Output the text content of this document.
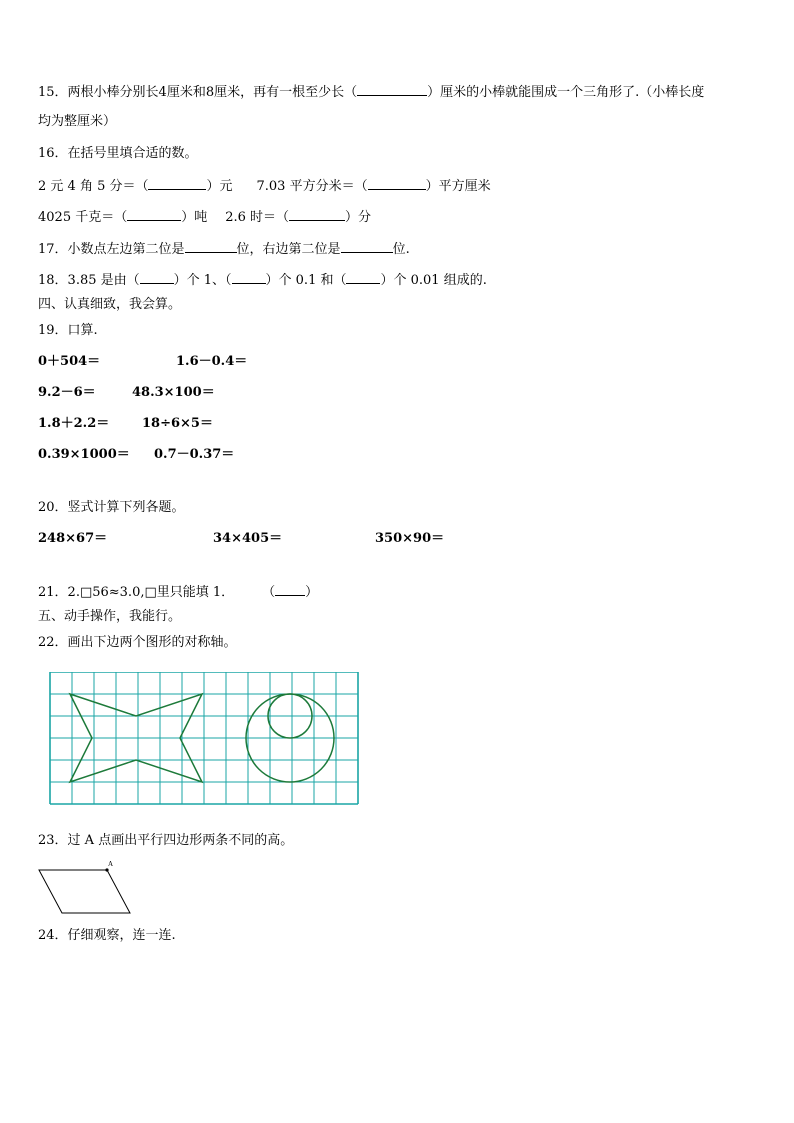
15．两根小棒分别长4厘米和8厘米，再有一根至少长（	）厘米的小棒就能围成一个三角形了.（小棒长度
均为整厘米）
16．在括号里填合适的数。
2 元 4 角 5 分＝（	）元 7.03 平方分米＝（	）平方厘米
4025 千克＝（	）吨 2.6 时＝（	）分
17．小数点左边第二位是	位，右边第二位是	位.
18．3.85 是由（	）个 1、（	）个 0.1 和（	）个 0.01 组成的.
四、认真细致，我会算。
19．口算.
0＋504＝	1.6－0.4＝
9.2－6＝	48.3×100＝
1.8＋2.2＝	18÷6×5＝
0.39×1000＝ 0.7－0.37＝
20．竖式计算下列各题。
248×67＝	34×405＝	350×90＝
21．2.□56≈3.0,□里只能填 1． （ ）
五、动手操作，我能行。
22．画出下边两个图形的对称轴。
23．过 A 点画出平行四边形两条不同的高。
A
24．仔细观察，连一连.
